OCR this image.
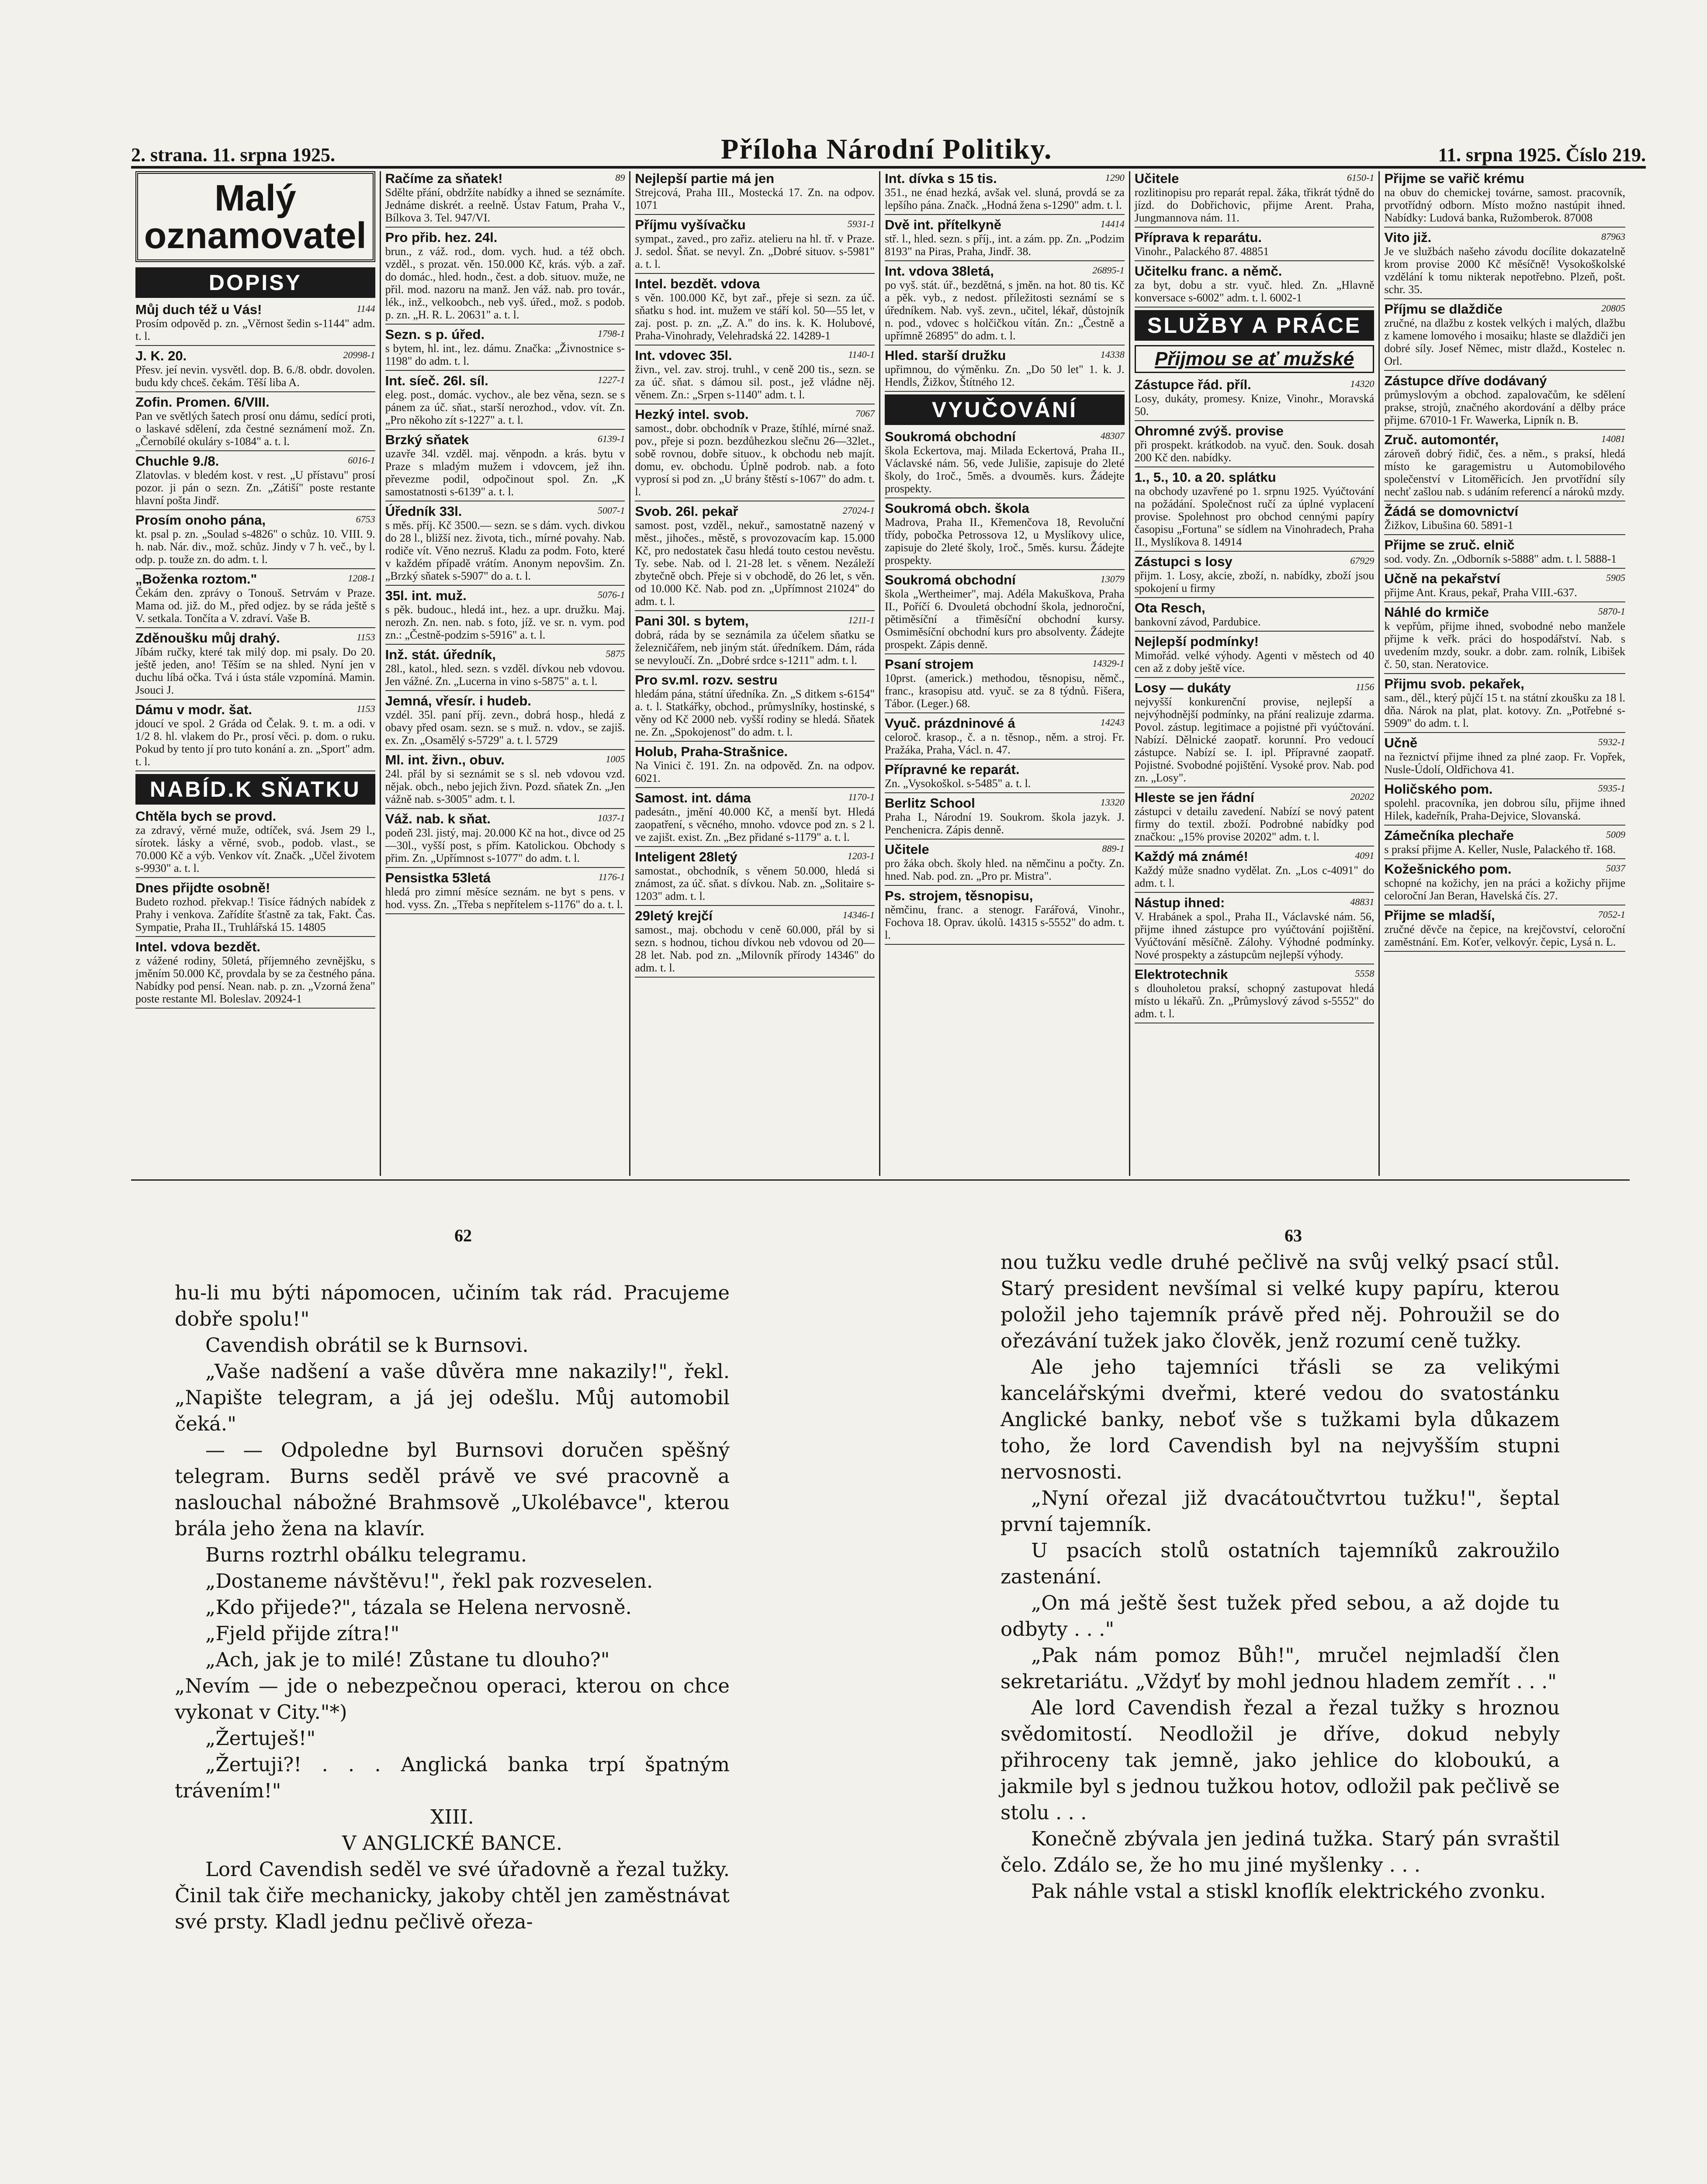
2. strana. 11. srpna 1925.	Příloha Národní Politiky.	11. srpna 1925. Číslo 219.
Malý oznamovatel
DOPISY
1144
Můj duch též u Vás!
Prosím odpověd p. zn. „Věrnost šedin s-1144" adm. t. l.
20998-1
J. K. 20.
Přesv. jeí nevin. vysvětl. dop. B. 6./8. obdr. dovolen. budu kdy chceš. čekám. Těší liba A.
Zofin. Promen. 6/VIII.
Pan ve světlých šatech prosí onu dámu, sedící proti, o laskavé sdělení, zda čestné seznámení mož. Zn. „Černobílé okuláry s-1084" a. t. l.
6016-1
Chuchle 9./8.
Zlatovlas. v bledém kost. v rest. „U přístavu" prosí pozor. ji pán o sezn. Zn. „Zátiší" poste restante hlavní pošta Jindř.
6753
Prosím onoho pána,
kt. psal p. zn. „Soulad s-4826" o schůz. 10. VIII. 9. h. nab. Nár. div., mož. schůz. Jindy v 7 h. več., by l. odp. p. touže zn. do adm. t. l.
1208-1
„Boženka roztom."
Čekám den. zprávy o Tonouš. Setrvám v Praze. Mama od. již. do M., před odjez. by se ráda ještě s V. setkala. Tončíta a V. zdraví. Vaše B.
1153
Zděnoušku můj drahý.
Jíbám ručky, které tak milý dop. mi psaly. Do 20. ještě jeden, ano! Těším se na shled. Nyní jen v duchu líbá očka. Tvá i ústa stále vzpomíná. Mamin. Jsouci J.
1153
Dámu v modr. šat.
jdoucí ve spol. 2 Gráda od Čelak. 9. t. m. a odi. v 1/2 8. hl. vlakem do Pr., prosí věci. p. dom. o ruku. Pokud by tento jí pro tuto konání a. zn. „Sport" adm. t. l.
NABÍD.K SŇATKU
Chtěla bych se provd.
za zdravý, věrné muže, odtíček, svá. Jsem 29 l., sírotek. lásky a věrné, svob., podob. vlast., se 70.000 Kč a výb. Venkov vít. Značk. „Učel životem s-9930" a. t. l.
Dnes přijdte osobně!
Budeto rozhod. překvap.! Tisíce řádných nabídek z Prahy i venkova. Zařídíte šťastně za tak, Fakt. Čas. Sympatie, Praha II., Truhlářská 15. 14805
Intel. vdova bezdět.
z vážené rodiny, 50letá, příjemného zevnějšku, s jměním 50.000 Kč, provdala by se za čestného pána. Nabídky pod pensí. Nean. nab. p. zn. „Vzorná žena" poste restante Ml. Boleslav. 20924-1
89
Račíme za sňatek!
Sdělte přání, obdržíte nabídky a ihned se seznámíte. Jednáme diskrét. a reelně. Ústav Fatum, Praha V., Bílkova 3. Tel. 947/VI.
Pro přib. hez. 24l.
brun., z váž. rod., dom. vych. hud. a též obch. vzděl., s prozat. věn. 150.000 Kč, krás. výb. a zař. do domác., hled. hodn., čest. a dob. situov. muže, ne přil. mod. nazoru na manž. Jen váž. nab. pro továr., lék., inž., velkoobch., neb vyš. úřed., mož. s podob. p. zn. „H. R. L. 20631" a. t. l.
1798-1
Sezn. s p. úřed.
s bytem, hl. int., lez. dámu. Značka: „Živnostnice s-1198" do adm. t. l.
1227-1
Int. síeč. 26l. síl.
eleg. post., domác. vychov., ale bez věna, sezn. se s pánem za úč. sňat., starší nerozhod., vdov. vít. Zn. „Pro někoho zít s-1227" a. t. l.
6139-1
Brzký sňatek
uzavře 34l. vzděl. maj. věnpodn. a krás. bytu v Praze s mladým mužem i vdovcem, jež ihn. převezme podil, odpočinout spol. Zn. „K samostatnosti s-6139" a. t. l.
5007-1
Úředník 33l.
s měs. příj. Kč 3500.— sezn. se s dám. vych. divkou do 28 l., bližší nez. života, tich., mírné povahy. Nab. rodiče vít. Věno nezruš. Kladu za podm. Foto, které v každém případě vrátím. Anonym nepovšim. Zn. „Brzký sňatek s-5907" do a. t. l.
5076-1
35l. int. muž.
s pěk. budouc., hledá int., hez. a upr. družku. Maj. nerozh. Zn. nen. nab. s foto, jíž. ve sr. n. vym. pod zn.: „Čestně-podzim s-5916" a. t. l.
5875
Inž. stát. úředník,
28l., katol., hled. sezn. s vzděl. dívkou neb vdovou. Jen vážné. Zn. „Lucerna in vino s-5875" a. t. l.
Jemná, vřesír. i hudeb.
vzdél. 35l. paní příj. zevn., dobrá hosp., hledá z obavy před osam. sezn. se s muž. n. vdov., se zajiš. ex. Zn. „Osamělý s-5729" a. t. l. 5729
1005
Ml. int. živn., obuv.
24l. přál by si seznámit se s sl. neb vdovou vzd. nějak. obch., nebo jejich živn. Pozd. sňatek Zn. „Jen vážně nab. s-3005" adm. t. l.
1037-1
Váž. nab. k sňat.
podeň 23l. jistý, maj. 20.000 Kč na hot., divce od 25—30l., vyšší post, s přím. Katolickou. Obchody s přim. Zn. „Upřímnost s-1077" do adm. t. l.
1176-1
Pensistka 53letá
hledá pro zimní měsíce seznám. ne byt s pens. v hod. vyss. Zn. „Třeba s nepřítelem s-1176" do a. t. l.
Nejlepší partie má jen
Strejcová, Praha III., Mostecká 17. Zn. na odpov. 1071
5931-1
Příjmu vyšívačku
sympat., zaved., pro zařiz. atelieru na hl. tř. v Praze. J. sedol. Šňat. se nevyl. Zn. „Dobré situov. s-5981" a. t. l.
Intel. bezdět. vdova
s věn. 100.000 Kč, byt zař., přeje si sezn. za úč. sňatku s hod. int. mužem ve stáří kol. 50—55 let, v zaj. post. p. zn. „Z. A." do ins. k. K. Holubové, Praha-Vinohrady, Velehradská 22. 14289-1
1140-1
Int. vdovec 35l.
živn., vel. zav. stroj. truhl., v ceně 200 tis., sezn. se za úč. sňat. s dámou sil. post., jež vládne něj. věnem. Zn.: „Srpen s-1140" adm. t. l.
7067
Hezký intel. svob.
samost., dobr. obchodník v Praze, štíhlé, mírné snaž. pov., přeje si pozn. bezdůhezkou slečnu 26—32let., sobě rovnou, dobře situov., k obchodu neb majít. domu, ev. obchodu. Úplně podrob. nab. a foto vyprosí si pod zn. „U brány štěstí s-1067" do adm. t. l.
27024-1
Svob. 26l. pekař
samost. post, vzděl., nekuř., samostatně nazený v měst., jihočes., městě, s provozovacím kap. 15.000 Kč, pro nedostatek času hledá touto cestou nevěstu. Ty. sebe. Nab. od l. 21-28 let. s věnem. Nezáleží zbytečně obch. Přeje si v obchodě, do 26 let, s věn. od 10.000 Kč. Nab. pod zn. „Upřímnost 21024" do adm. t. l.
1211-1
Pani 30l. s bytem,
dobrá, ráda by se seznámila za účelem sňatku se železničářem, neb jiným stát. úředníkem. Dám, ráda se nevyloučí. Zn. „Dobré srdce s-1211" adm. t. l.
Pro sv.ml. rozv. sestru
hledám pána, státní úředníka. Zn. „S ditkem s-6154" a. t. l. Statkářky, obchod., průmyslníky, hostinské, s věny od Kč 2000 neb. vyšší rodiny se hledá. Sňatek ne. Zn. „Spokojenost" do adm. t. l.
Holub, Praha-Strašnice.
Na Vinici č. 191. Zn. na odpověd. Zn. na odpov. 6021.
1170-1
Samost. int. dáma
padesátn., jmění 40.000 Kč, a menší byt. Hledá zaopatření, s věcného, mnoho. vdovce pod zn. s 2 l. ve zajišt. exist. Zn. „Bez přidané s-1179" a. t. l.
1203-1
Inteligent 28letý
samostat., obchodník, s věnem 50.000, hledá si známost, za úč. sňat. s dívkou. Nab. zn. „Solitaire s-1203" adm. t. l.
14346-1
29letý krejčí
samost., maj. obchodu v ceně 60.000, přál by si sezn. s hodnou, tichou dívkou neb vdovou od 20—28 let. Nab. pod zn. „Milovník přírody 14346" do adm. t. l.
1290
Int. dívka s 15 tis.
351., ne énad hezká, avšak vel. sluná, provdá se za lepšího pána. Značk. „Hodná žena s-1290" adm. t. l.
14414
Dvě int. přítelkyně
stř. l., hled. sezn. s příj., int. a zám. pp. Zn. „Podzim 8193" na Piras, Praha, Jindř. 38.
26895-1
Int. vdova 38letá,
po vyš. stát. úř., bezdětná, s jměn. na hot. 80 tis. Kč a pěk. vyb., z nedost. příležitosti seznámí se s úředníkem. Nab. vyš. zevn., učitel, lékař, důstojník n. pod., vdovec s holčičkou vítán. Zn.: „Čestně a upřímně 26895" do adm. t. l.
14338
Hled. starší družku
upřimnou, do výměnku. Zn. „Do 50 let" 1. k. J. Hendls, Žižkov, Štítného 12.
VYUČOVÁNÍ
48307
Soukromá obchodní
škola Eckertova, maj. Milada Eckertová, Praha II., Václavské nám. 56, vede Julišie, zapisuje do 2leté školy, do 1roč., 5měs. a dvouměs. kurs. Žádejte prospekty.
Soukromá obch. škola
Madrova, Praha II., Křemenčova 18, Revoluční třídy, pobočka Petrossova 12, u Myslíkovy ulice, zapisuje do 2leté školy, 1roč., 5měs. kursu. Žádejte prospekty.
13079
Soukromá obchodní
škola „Wertheimer", maj. Adéla Makuškova, Praha II., Poříčí 6. Dvouletá obchodní škola, jednoroční, pětiměsíční a třiměsíční obchodní kursy. Osmiměsíční obchodní kurs pro absolventy. Žádejte prospekt. Zápis denně.
14329-1
Psaní strojem
10prst. (americk.) methodou, těsnopisu, němč., franc., krasopisu atd. vyuč. se za 8 týdnů. Fišera, Tábor. (Leger.) 68.
14243
Vyuč. prázdninové á
celoroč. krasop., č. a n. těsnop., něm. a stroj. Fr. Pražáka, Praha, Václ. n. 47.
Přípravné ke reparát.
Zn. „Vysokoškol. s-5485" a. t. l.
13320
Berlitz School
Praha I., Národní 19. Soukrom. škola jazyk. J. Penchenicra. Zápis denně.
889-1
Učitele
pro žáka obch. školy hled. na němčinu a počty. Zn. hned. Nab. pod. zn. „Pro pr. Mistra".
Ps. strojem, těsnopisu,
němčinu, franc. a stenogr. Farářová, Vinohr., Fochova 18. Oprav. úkolů. 14315 s-5552" do adm. t. l.
6150-1
Učitele
rozlitinopisu pro reparát repal. žáka, třikrát týdně do jízd. do Dobřichovic, přijme Arent. Praha, Jungmannova nám. 11.
Příprava k reparátu.
Vinohr., Palackého 87. 48851
Učitelku franc. a němč.
za byt, dobu a str. vyuč. hled. Zn. „Hlavně konversace s-6002" adm. t. l. 6002-1
SLUŽBY A PRÁCE
Přijmou se ať mužské
14320
Zástupce řád. příl.
Losy, dukáty, promesy. Knize, Vinohr., Moravská 50.
Ohromné zvýš. provise
při prospekt. krátkodob. na vyuč. den. Souk. dosah 200 Kč den. nabídky.
1., 5., 10. a 20. splátku
na obchody uzavřené po 1. srpnu 1925. Vyúčtování na požádání. Společnost ručí za úplné vyplacení provise. Spolehnost pro obchod cennými papíry časopisu „Fortuna" se sídlem na Vinohradech, Praha II., Myslíkova 8. 14914
67929
Zástupci s losy
přijm. 1. Losy, akcie, zboží, n. nabídky, zboží jsou spokojení u firmy
Ota Resch,
bankovní závod, Pardubice.
Nejlepší podmínky!
Mimořád. velké výhody. Agenti v městech od 40 cen až z doby ještě více.
1156
Losy — dukáty
nejvyšší konkurenční provise, nejlepší a nejvýhodnější podmínky, na přání realizuje zdarma. Povol. zástup. legitimace a pojistné při vyúčtování. Nabízí. Dělnické zaopatř. korunní. Pro vedoucí zástupce. Nabízí se. I. ipl. Přípravné zaopatř. Pojistné. Svobodné pojištění. Vysoké prov. Nab. pod zn. „Losy".
20202
Hleste se jen řádní
zástupci v detailu zavedení. Nabízí se nový patent firmy do textil. zboží. Podrobné nabídky pod značkou: „15% provise 20202" adm. t. l.
4091
Každý má známé!
Každý může snadno vydělat. Zn. „Los c-4091" do adm. t. l.
48831
Nástup ihned:
V. Hrabánek a spol., Praha II., Václavské nám. 56, přijme ihned zástupce pro vyúčtování pojištění. Vyúčtování měsíčně. Zálohy. Výhodné podmínky. Nové prospekty a zástupcům nejlepší výhody.
5558
Elektrotechnik
s dlouholetou praksí, schopný zastupovat hledá místo u lékařů. Zn. „Průmyslový závod s-5552" do adm. t. l.
Přijme se vařič krému
na obuv do chemickej továrne, samost. pracovník, prvotřídný odborn. Místo možno nastúpit ihned. Nabídky: Ludová banka, Ružomberok. 87008
87963
Vito již.
Je ve službách našeho závodu docílite dokazatelně krom provise 2000 Kč měsíčně! Vysokoškolské vzdělání k tomu nikterak nepotřebno. Plzeň, pošt. schr. 35.
20805
Příjmu se dlaždiče
zručné, na dlažbu z kostek velkých i malých, dlažbu z kamene lomového i mosaiku; hlaste se dlaždiči jen dobré síly. Josef Němec, mistr dlažd., Kostelec n. Orl.
Zástupce dříve dodávaný
průmyslovým a obchod. zapalovačům, ke sdělení prakse, strojů, značného akordování a dělby práce přijme. 67010-1 Fr. Wawerka, Lipník n. B.
14081
Zruč. automontér,
zároveň dobrý řidič, čes. a něm., s praksí, hledá místo ke garagemistru u Automobilového společenství v Litoměřicích. Jen prvotřídní síly nechť zašlou nab. s udáním referencí a nároků mzdy.
Žádá se domovnictví
Žižkov, Libušina 60. 5891-1
Přijme se zruč. elnič
sod. vody. Zn. „Odborník s-5888" adm. t. l. 5888-1
5905
Učně na pekařství
přijme Ant. Kraus, pekař, Praha VIII.-637.
5870-1
Náhlé do krmiče
k vepřům, přijme ihned, svobodné nebo manžele přijme k veřk. práci do hospodářství. Nab. s uvedením mzdy, soukr. a dobr. zam. rolník, Libišek č. 50, stan. Neratovice.
Přijmu svob. pekařek,
sam., děl., který půjčí 15 t. na státní zkoušku za 18 l. dňa. Nárok na plat, plat. kotovy. Zn. „Potřebné s-5909" do adm. t. l.
5932-1
Učně
na řeznictví přijme ihned za plné zaop. Fr. Vopřek, Nusle-Údolí, Oldřichova 41.
5935-1
Holičského pom.
spolehl. pracovníka, jen dobrou sílu, přijme ihned Hilek, kadeřník, Praha-Dejvice, Slovanská.
5009
Zámečníka plechaře
s praksí přijme A. Keller, Nusle, Palackého tř. 168.
5037
Kožešnického pom.
schopné na kožichy, jen na práci a kožichy přijme celoroční Jan Beran, Havelská čís. 27.
7052-1
Přijme se mladší,
zručné děvče na čepice, na krejčovství, celoroční zaměstnání. Em. Koťer, velkovýr. čepic, Lysá n. L.
62	63

hu-li mu býti nápomocen, učiním tak rád. Pracujeme dobře spolu!"

Cavendish obrátil se k Burnsovi.

„Vaše nadšení a vaše důvěra mne nakazily!", řekl. „Napište telegram, a já jej odešlu. Můj automobil čeká."

— — Odpoledne byl Burnsovi doručen spěšný telegram. Burns seděl právě ve své pracovně a naslouchal nábožné Brahmsově „Ukolébavce", kterou brála jeho žena na klavír.

Burns roztrhl obálku telegramu.

„Dostaneme návštěvu!", řekl pak rozveselen.

„Kdo přijede?", tázala se Helena nervosně.

„Fjeld přijde zítra!"

„Ach, jak je to milé! Zůstane tu dlouho?"

„Nevím — jde o nebezpečnou operaci, kterou on chce vykonat v City."*)

„Žertuješ!"

„Žertuji?! . . . Anglická banka trpí špatným trávením!"

XIII.

V ANGLICKÉ BANCE.

Lord Cavendish seděl ve své úřadovně a řezal tužky. Činil tak čiře mechanicky, jakoby chtěl jen zaměstnávat své prsty. Kladl jednu pečlivě ořeza-

nou tužku vedle druhé pečlivě na svůj velký psací stůl. Starý president nevšímal si velké kupy papíru, kterou položil jeho tajemník právě před něj. Pohroužil se do ořezávání tužek jako člověk, jenž rozumí ceně tužky.

Ale jeho tajemníci třásli se za velikými kancelářskými dveřmi, které vedou do svatostánku Anglické banky, neboť vše s tužkami byla důkazem toho, že lord Cavendish byl na nejvyšším stupni nervosnosti.

„Nyní ořezal již dvacátoučtvrtou tužku!", šeptal první tajemník.

U psacích stolů ostatních tajemníků zakroužilo zastenání.

„On má ještě šest tužek před sebou, a až dojde tu odbyty . . ."

„Pak nám pomoz Bůh!", mručel nejmladší člen sekretariátu. „Vždyť by mohl jednou hladem zemřít . . ."

Ale lord Cavendish řezal a řezal tužky s hroznou svědomitostí. Neodložil je dříve, dokud nebyly přihroceny tak jemně, jako jehlice do kloboukú, a jakmile byl s jednou tužkou hotov, odložil pak pečlivě se stolu . . .

Konečně zbývala jen jediná tužka. Starý pán svraštil čelo. Zdálo se, že ho mu jiné myšlenky . . .

Pak náhle vstal a stiskl knoflík elektrického zvonku.
